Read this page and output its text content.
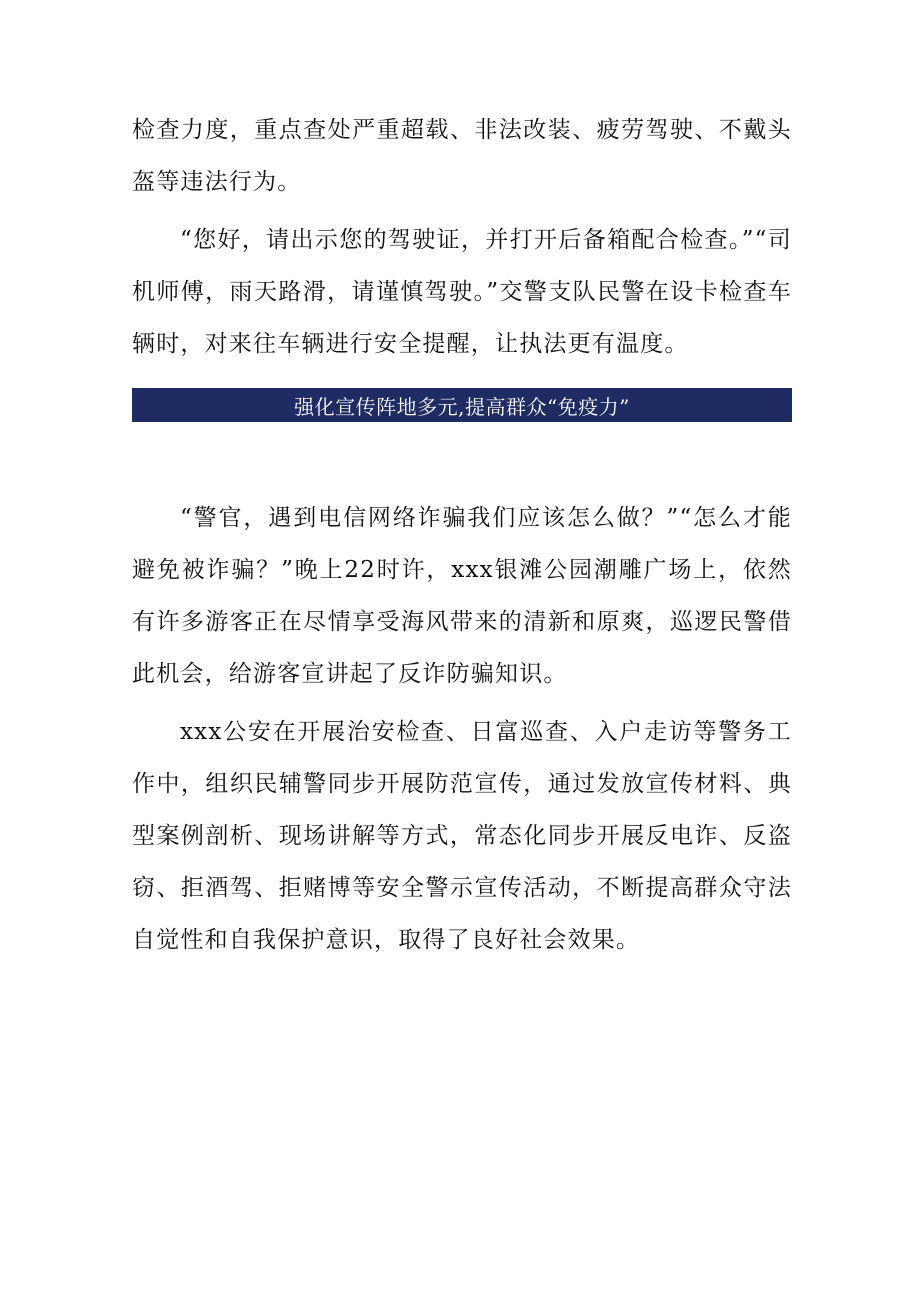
检查力度，重点查处严重超载、非法改装、疲劳驾驶、不戴头盔等违法行为。

“您好，请出示您的驾驶证，并打开后备箱配合检查。”“司机师傅，雨天路滑，请谨慎驾驶。”交警支队民警在设卡检查车辆时，对来往车辆进行安全提醒，让执法更有温度。

强化宣传阵地多元,提高群众“免疫力”

“警官，遇到电信网络诈骗我们应该怎么做？”“怎么才能避免被诈骗？”晚上22时许，xxx银滩公园潮雕广场上，依然有许多游客正在尽情享受海风带来的清新和原爽，巡逻民警借此机会，给游客宣讲起了反诈防骗知识。

xxx公安在开展治安检查、日富巡查、入户走访等警务工作中，组织民辅警同步开展防范宣传，通过发放宣传材料、典型案例剖析、现场讲解等方式，常态化同步开展反电诈、反盗窃、拒酒驾、拒赌博等安全警示宣传活动，不断提高群众守法自觉性和自我保护意识，取得了良好社会效果。
